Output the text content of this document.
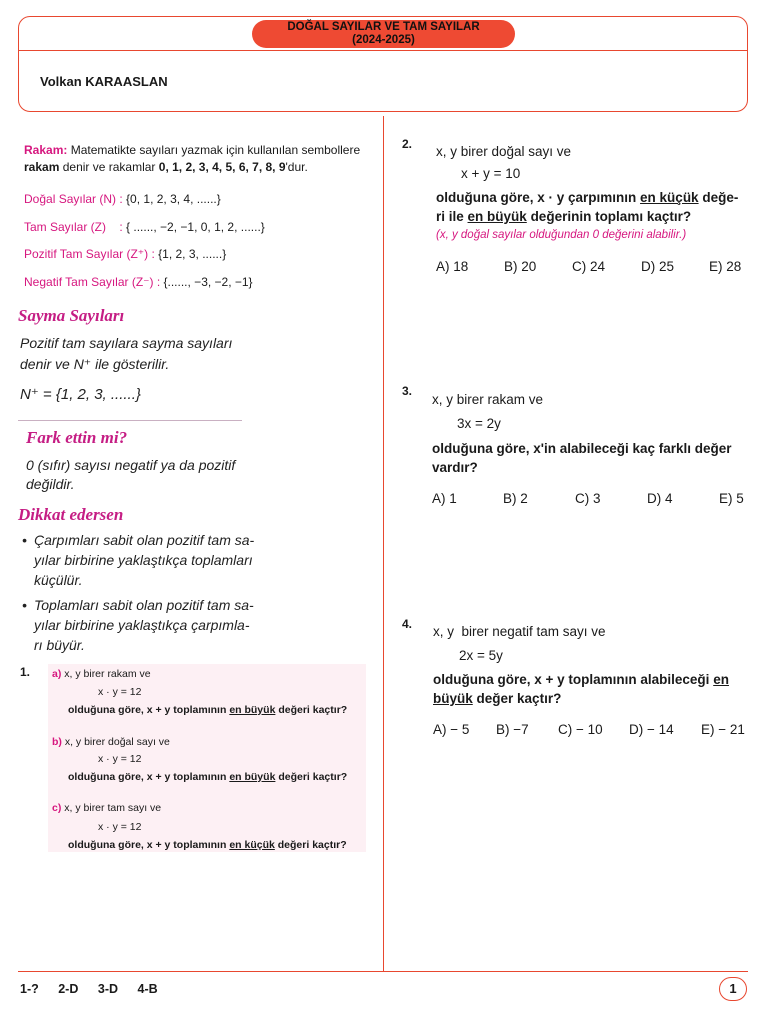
DOĞAL SAYILAR VE TAM SAYILAR
(2024-2025)
Volkan KARAASLAN
Rakam: Matematikte sayıları yazmak için kullanılan sembollere
rakam denir ve rakamlar 0, 1, 2, 3, 4, 5, 6, 7, 8, 9'dur.
Doğal Sayılar (N) : {0, 1, 2, 3, 4, ......}
Tam Sayılar (Z)    : { ......, −2, −1, 0, 1, 2, ......}
Pozitif Tam Sayılar (Z⁺) : {1, 2, 3, ......}
Negatif Tam Sayılar (Z⁻) : {......, −3, −2, −1}
Sayma Sayıları
Pozitif tam sayılara sayma sayıları
denir ve N⁺ ile gösterilir.
N⁺ = {1, 2, 3, ......}
Fark ettin mi?
0 (sıfır) sayısı negatif ya da pozitif
değildir.
Dikkat edersen
• Çarpımları sabit olan pozitif tam sa-
yılar birbirine yaklaştıkça toplamları
küçülür.
• Toplamları sabit olan pozitif tam sa-
yılar birbirine yaklaştıkça çarpımla-
rı büyür.
1. a) x, y birer rakam ve
x · y = 12
olduğuna göre, x + y toplamının en büyük değeri kaçtır?
b) x, y birer doğal sayı ve
x · y = 12
olduğuna göre, x + y toplamının en büyük değeri kaçtır?
c) x, y birer tam sayı ve
x · y = 12
olduğuna göre, x + y toplamının en küçük değeri kaçtır?
2. x, y birer doğal sayı ve
x + y = 10
olduğuna göre, x · y çarpımının en küçük değe-
ri ile en büyük değerinin toplamı kaçtır?
(x, y doğal sayılar olduğundan 0 değerini alabilir.)
A) 18	B) 20	C) 24	D) 25	E) 28
3.
x, y birer rakam ve
3x = 2y
olduğuna göre, x'in alabileceği kaç farklı değer
vardır?
A) 1	B) 2	C) 3	D) 4	E) 5
4. x, y  birer negatif tam sayı ve
2x = 5y
olduğuna göre, x + y toplamının alabileceği en
büyük değer kaçtır?
A) − 5 B) −7 C) − 10 D) − 14 E) − 21
1-? 2-D 3-D 4-B	1
